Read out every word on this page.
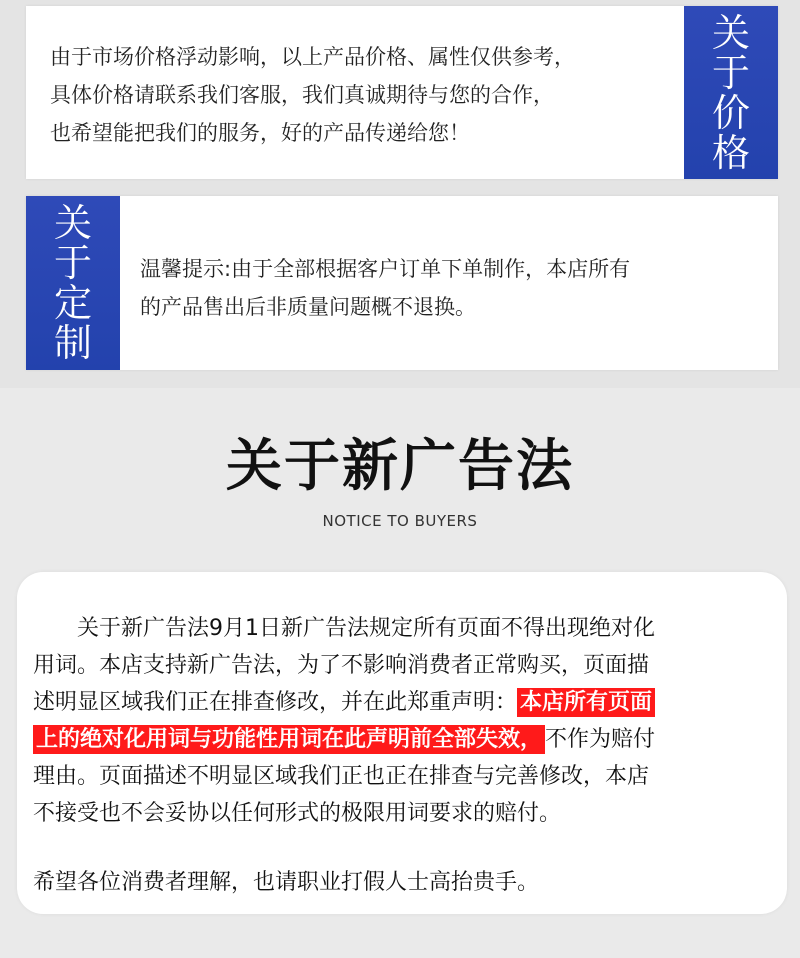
由于市场价格浮动影响，以上产品价格、属性仅供参考，
具体价格请联系我们客服，我们真诚期待与您的合作，
也希望能把我们的服务，好的产品传递给您！
关
于
价
格
关
于
定
制
温馨提示:由于全部根据客户订单下单制作，本店所有
的产品售出后非质量问题概不退换。
关于新广告法
NOTICE TO BUYERS
关于新广告法9月1日新广告法规定所有页面不得出现绝对化
用词。本店支持新广告法，为了不影响消费者正常购买，页面描
述明显区域我们正在排查修改，并在此郑重声明： 本店所有页面
上的绝对化用词与功能性用词在此声明前全部失效， 不作为赔付
理由。页面描述不明显区域我们正也正在排查与完善修改，本店
不接受也不会妥协以任何形式的极限用词要求的赔付。
希望各位消费者理解，也请职业打假人士高抬贵手。
